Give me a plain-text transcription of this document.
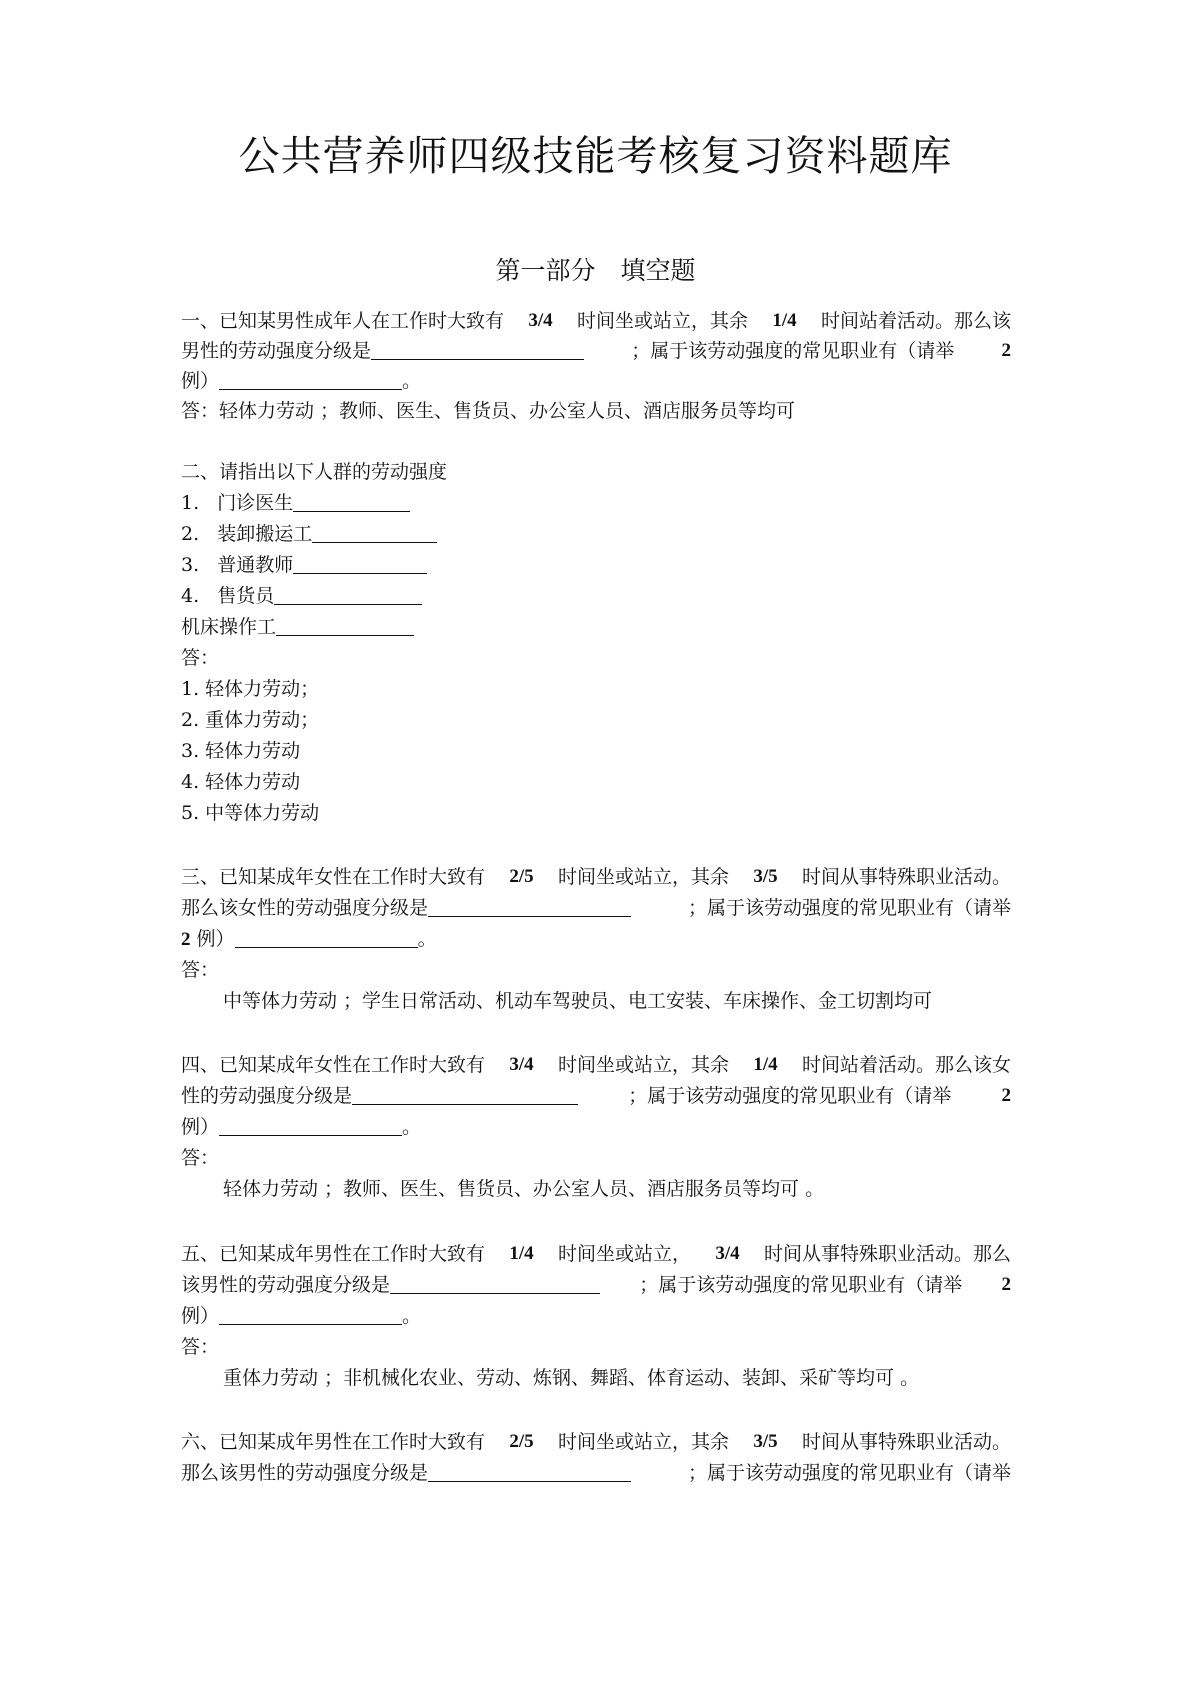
公共营养师四级技能考核复习资料题库
第一部分　填空题
一、已知某男性成年人在工作时大致有 3/4 时间坐或站立，其余 1/4 时间站着活动。那么该
男性的劳动强度分级是	；属于该劳动强度的常见职业有（请举 2

例）	。

答：轻体力劳动 ；教师、医生、售货员、办公室人员、酒店服务员等均可

二、请指出以下人群的劳动强度

1. 门诊医生

2. 装卸搬运工

3. 普通教师

4. 售货员

机床操作工

答：

1. 轻体力劳动；

2. 重体力劳动；

3. 轻体力劳动

4. 轻体力劳动

5. 中等体力劳动

三、已知某成年女性在工作时大致有 2/5 时间坐或站立，其余 3/5 时间从事特殊职业活动。
那么该女性的劳动强度分级是	；属于该劳动强度的常见职业有（请举

2 例）	。

答：

中等体力劳动 ；学生日常活动、机动车驾驶员、电工安装、车床操作、金工切割均可

四、已知某成年女性在工作时大致有 3/4 时间坐或站立，其余 1/4 时间站着活动。那么该女
性的劳动强度分级是	；属于该劳动强度的常见职业有（请举	2

例）	。

答：

轻体力劳动 ；教师、医生、售货员、办公室人员、酒店服务员等均可 。

五、已知某成年男性在工作时大致有 1/4 时间坐或站立， 3/4 时间从事特殊职业活动。那么
该男性的劳动强度分级是	；属于该劳动强度的常见职业有（请举 2

例）	。

答：

重体力劳动 ；非机械化农业、劳动、炼钢、舞蹈、体育运动、装卸、采矿等均可 。

六、已知某成年男性在工作时大致有 2/5 时间坐或站立，其余 3/5 时间从事特殊职业活动。
那么该男性的劳动强度分级是	；属于该劳动强度的常见职业有（请举
